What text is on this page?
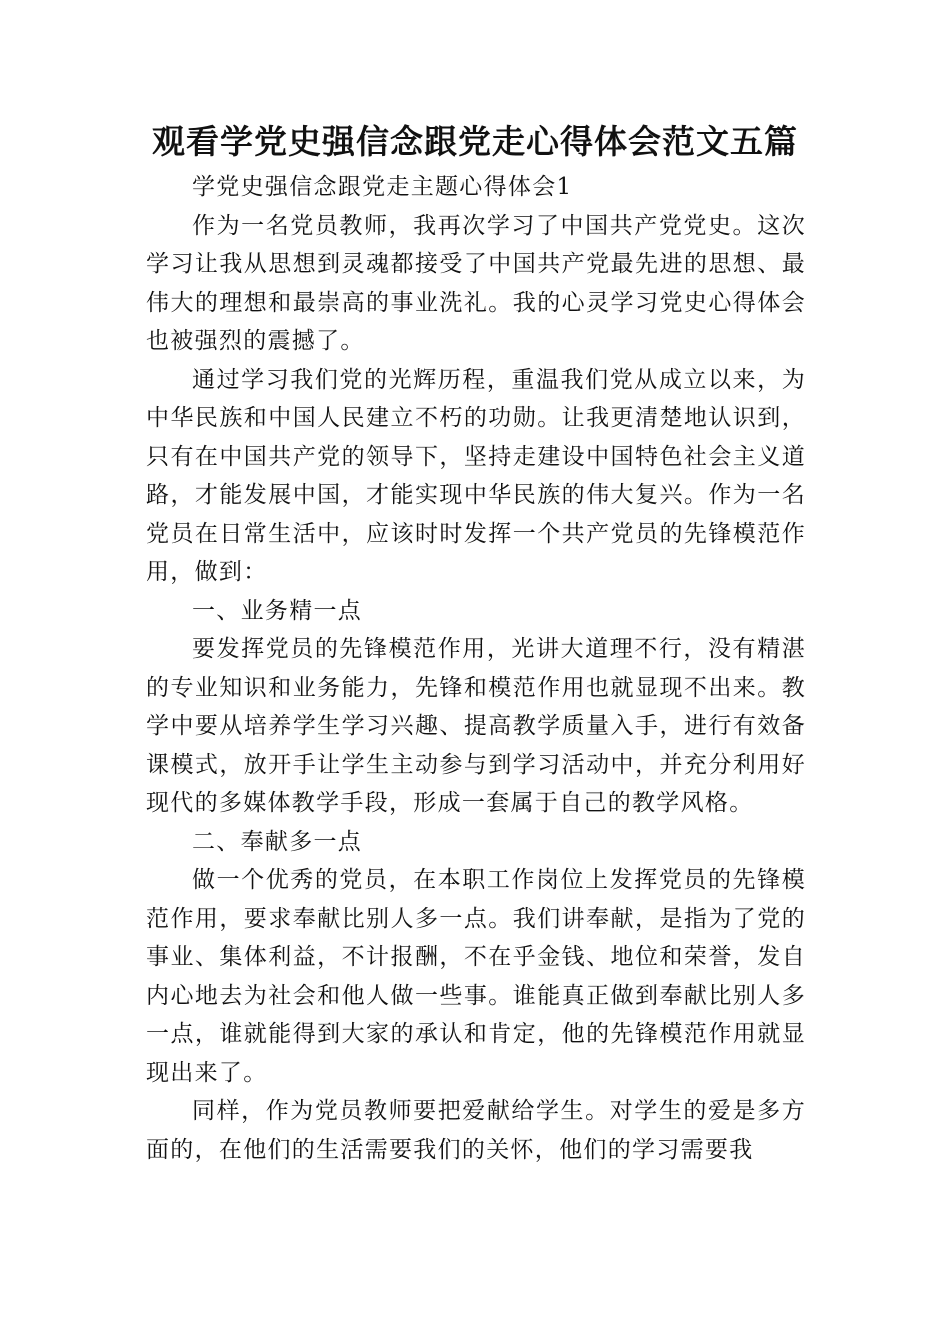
观看学党史强信念跟党走心得体会范文五篇

学党史强信念跟党走主题心得体会1

作为一名党员教师，我再次学习了中国共产党党史。这次学习让我从思想到灵魂都接受了中国共产党最先进的思想、最伟大的理想和最崇高的事业洗礼。我的心灵学习党史心得体会也被强烈的震撼了。

通过学习我们党的光辉历程，重温我们党从成立以来，为中华民族和中国人民建立不朽的功勋。让我更清楚地认识到，只有在中国共产党的领导下，坚持走建设中国特色社会主义道路，才能发展中国，才能实现中华民族的伟大复兴。作为一名党员在日常生活中，应该时时发挥一个共产党员的先锋模范作用，做到：

一、业务精一点

要发挥党员的先锋模范作用，光讲大道理不行，没有精湛的专业知识和业务能力，先锋和模范作用也就显现不出来。教学中要从培养学生学习兴趣、提高教学质量入手，进行有效备课模式，放开手让学生主动参与到学习活动中，并充分利用好现代的多媒体教学手段，形成一套属于自己的教学风格。

二、奉献多一点

做一个优秀的党员，在本职工作岗位上发挥党员的先锋模范作用，要求奉献比别人多一点。我们讲奉献，是指为了党的事业、集体利益，不计报酬，不在乎金钱、地位和荣誉，发自内心地去为社会和他人做一些事。谁能真正做到奉献比别人多一点，谁就能得到大家的承认和肯定，他的先锋模范作用就显现出来了。

同样，作为党员教师要把爱献给学生。对学生的爱是多方面的，在他们的生活需要我们的关怀，他们的学习需要我
